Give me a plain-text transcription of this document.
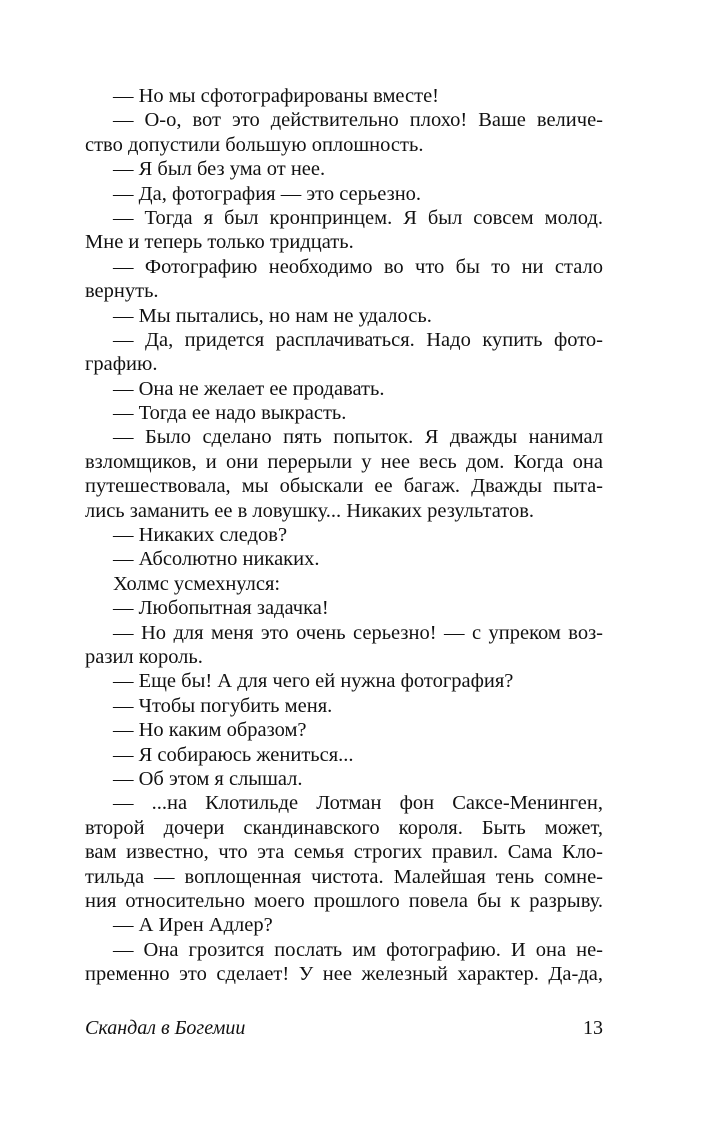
— Но мы сфотографированы вместе!
— О-о, вот это действительно плохо! Ваше величе-
ство допустили большую оплошность.
— Я был без ума от нее.
— Да, фотография — это серьезно.
— Тогда я был кронпринцем. Я был совсем молод.
Мне и теперь только тридцать.
— Фотографию необходимо во что бы то ни стало
вернуть.
— Мы пытались, но нам не удалось.
— Да, придется расплачиваться. Надо купить фото-
графию.
— Она не желает ее продавать.
— Тогда ее надо выкрасть.
— Было сделано пять попыток. Я дважды нанимал
взломщиков, и они перерыли у нее весь дом. Когда она
путешествовала, мы обыскали ее багаж. Дважды пыта-
лись заманить ее в ловушку... Никаких результатов.
— Никаких следов?
— Абсолютно никаких.
Холмс усмехнулся:
— Любопытная задачка!
— Но для меня это очень серьезно! — с упреком воз-
разил король.
— Еще бы! А для чего ей нужна фотография?
— Чтобы погубить меня.
— Но каким образом?
— Я собираюсь жениться...
— Об этом я слышал.
— ...на Клотильде Лотман фон Саксе-Менинген,
второй дочери скандинавского короля. Быть может,
вам известно, что эта семья строгих правил. Сама Кло-
тильда — воплощенная чистота. Малейшая тень сомне-
ния относительно моего прошлого повела бы к разрыву.
— А Ирен Адлер?
— Она грозится послать им фотографию. И она не-
пременно это сделает! У нее железный характер. Да-да,
Скандал в Богемии	13
